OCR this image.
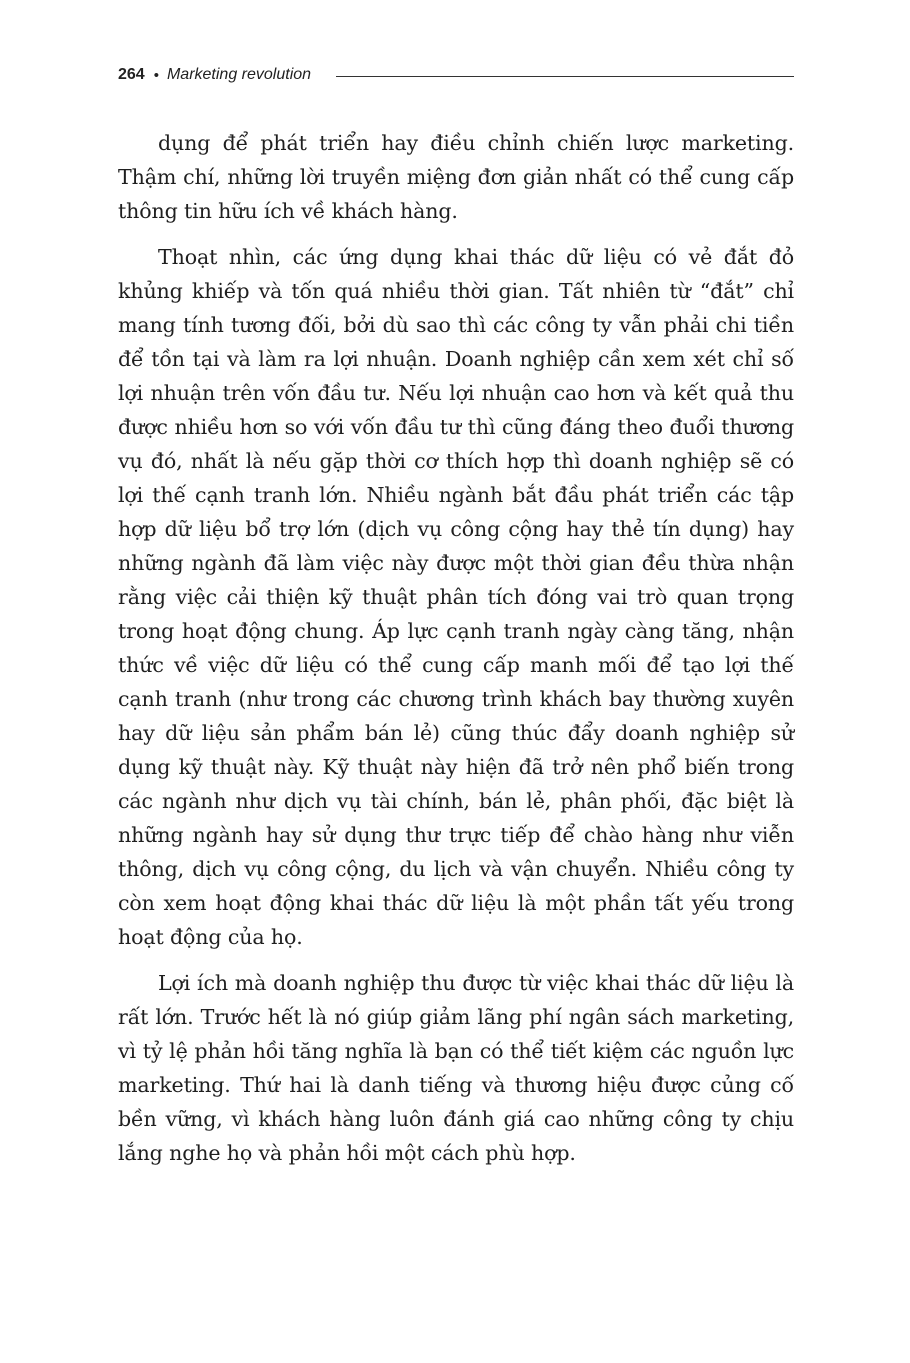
264 • Marketing revolution

dụng để phát triển hay điều chỉnh chiến lược marketing. Thậm chí, những lời truyền miệng đơn giản nhất có thể cung cấp thông tin hữu ích về khách hàng.

Thoạt nhìn, các ứng dụng khai thác dữ liệu có vẻ đắt đỏ khủng khiếp và tốn quá nhiều thời gian. Tất nhiên từ “đắt” chỉ mang tính tương đối, bởi dù sao thì các công ty vẫn phải chi tiền để tồn tại và làm ra lợi nhuận. Doanh nghiệp cần xem xét chỉ số lợi nhuận trên vốn đầu tư. Nếu lợi nhuận cao hơn và kết quả thu được nhiều hơn so với vốn đầu tư thì cũng đáng theo đuổi thương vụ đó, nhất là nếu gặp thời cơ thích hợp thì doanh nghiệp sẽ có lợi thế cạnh tranh lớn. Nhiều ngành bắt đầu phát triển các tập hợp dữ liệu bổ trợ lớn (dịch vụ công cộng hay thẻ tín dụng) hay những ngành đã làm việc này được một thời gian đều thừa nhận rằng việc cải thiện kỹ thuật phân tích đóng vai trò quan trọng trong hoạt động chung. Áp lực cạnh tranh ngày càng tăng, nhận thức về việc dữ liệu có thể cung cấp manh mối để tạo lợi thế cạnh tranh (như trong các chương trình khách bay thường xuyên hay dữ liệu sản phẩm bán lẻ) cũng thúc đẩy doanh nghiệp sử dụng kỹ thuật này. Kỹ thuật này hiện đã trở nên phổ biến trong các ngành như dịch vụ tài chính, bán lẻ, phân phối, đặc biệt là những ngành hay sử dụng thư trực tiếp để chào hàng như viễn thông, dịch vụ công cộng, du lịch và vận chuyển. Nhiều công ty còn xem hoạt động khai thác dữ liệu là một phần tất yếu trong hoạt động của họ.

Lợi ích mà doanh nghiệp thu được từ việc khai thác dữ liệu là rất lớn. Trước hết là nó giúp giảm lãng phí ngân sách marketing, vì tỷ lệ phản hồi tăng nghĩa là bạn có thể tiết kiệm các nguồn lực marketing. Thứ hai là danh tiếng và thương hiệu được củng cố bền vững, vì khách hàng luôn đánh giá cao những công ty chịu lắng nghe họ và phản hồi một cách phù hợp.
